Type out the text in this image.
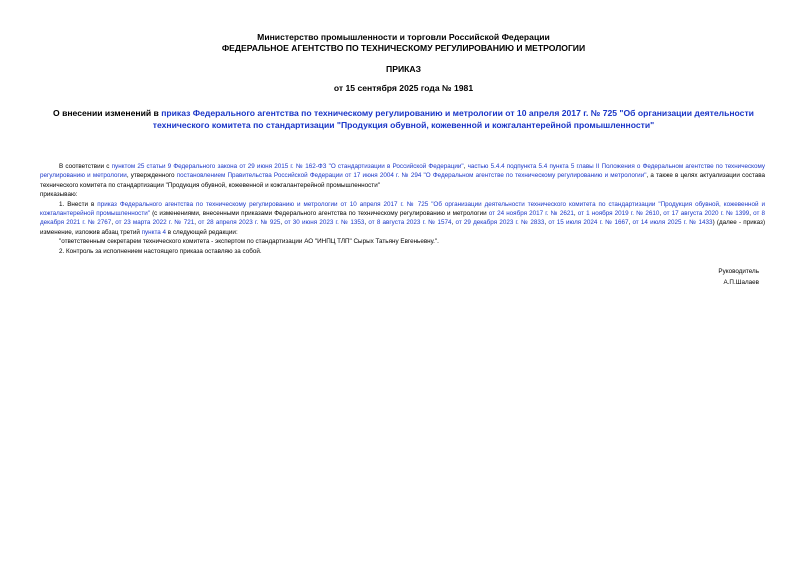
Министерство промышленности и торговли Российской Федерации
ФЕДЕРАЛЬНОЕ АГЕНТСТВО ПО ТЕХНИЧЕСКОМУ РЕГУЛИРОВАНИЮ И МЕТРОЛОГИИ
ПРИКАЗ
от 15 сентября 2025 года № 1981
О внесении изменений в приказ Федерального агентства по техническому регулированию и метрологии от 10 апреля 2017 г. № 725 "Об организации деятельности технического комитета по стандартизации "Продукция обувной, кожевенной и кожгалантерейной промышленности"

В соответствии с пунктом 25 статьи 9 Федерального закона от 29 июня 2015 г. № 162-ФЗ "О стандартизации в Российской Федерации", частью 5.4.4 подпункта 5.4 пункта 5 главы II Положения о Федеральном агентстве по техническому регулированию и метрологии, утвержденного постановлением Правительства Российской Федерации от 17 июня 2004 г. № 294 "О Федеральном агентстве по техническому регулированию и метрологии", а также в целях актуализации состава технического комитета по стандартизации "Продукция обувной, кожевенной и кожгалантерейной промышленности"

приказываю:

1. Внести в приказ Федерального агентства по техническому регулированию и метрологии от 10 апреля 2017 г. № 725 "Об организации деятельности технического комитета по стандартизации "Продукция обувной, кожевенной и кожгалантерейной промышленности" (с изменениями, внесенными приказами Федерального агентства по техническому регулированию и метрологии от 24 ноября 2017 г. № 2621, от 1 ноября 2019 г. № 2610, от 17 августа 2020 г. № 1399, от 8 декабря 2021 г. № 2767, от 23 марта 2022 г. № 721, от 28 апреля 2023 г. № 925, от 30 июня 2023 г. № 1353, от 8 августа 2023 г. № 1574, от 29 декабря 2023 г. № 2833, от 15 июля 2024 г. № 1667, от 14 июля 2025 г. № 1433) (далее - приказ) изменение, изложив абзац третий пункта 4 в следующей редакции:

"ответственным секретарем технического комитета - экспертом по стандартизации АО "ИНПЦ ТЛП" Сырых Татьяну Евгеньевну.".

2. Контроль за исполнением настоящего приказа оставляю за собой.

Руководитель
А.П.Шалаев
